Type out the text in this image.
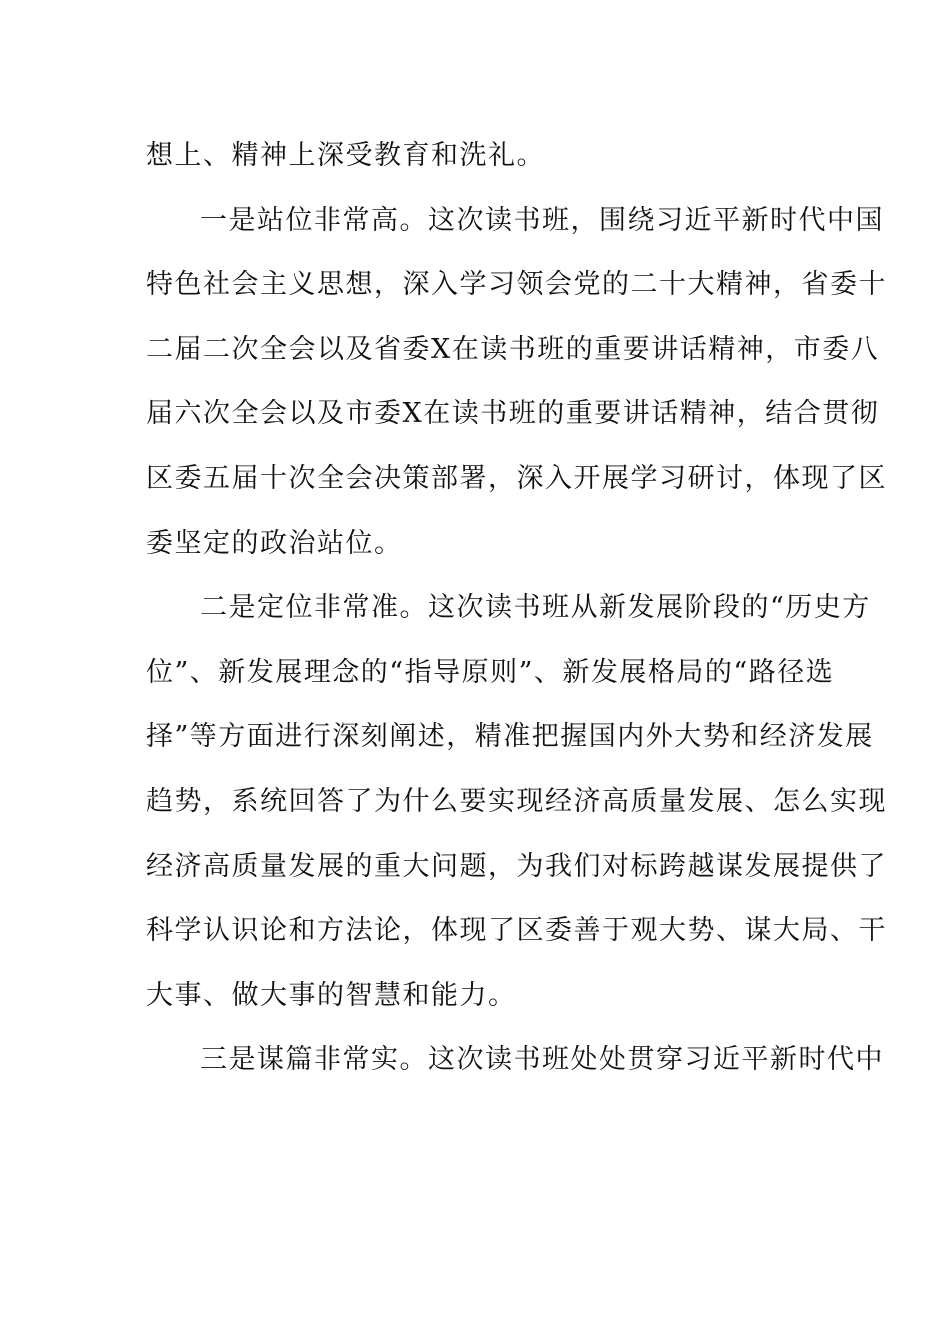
想上、精神上深受教育和洗礼。
一是站位非常高。这次读书班，围绕习近平新时代中国
特色社会主义思想，深入学习领会党的二十大精神，省委十
二届二次全会以及省委X在读书班的重要讲话精神，市委八
届六次全会以及市委X在读书班的重要讲话精神，结合贯彻
区委五届十次全会决策部署，深入开展学习研讨，体现了区
委坚定的政治站位。
二是定位非常准。这次读书班从新发展阶段的“历史方
位”、新发展理念的“指导原则”、新发展格局的“路径选
择”等方面进行深刻阐述，精准把握国内外大势和经济发展
趋势，系统回答了为什么要实现经济高质量发展、怎么实现
经济高质量发展的重大问题，为我们对标跨越谋发展提供了
科学认识论和方法论，体现了区委善于观大势、谋大局、干
大事、做大事的智慧和能力。
三是谋篇非常实。这次读书班处处贯穿习近平新时代中
